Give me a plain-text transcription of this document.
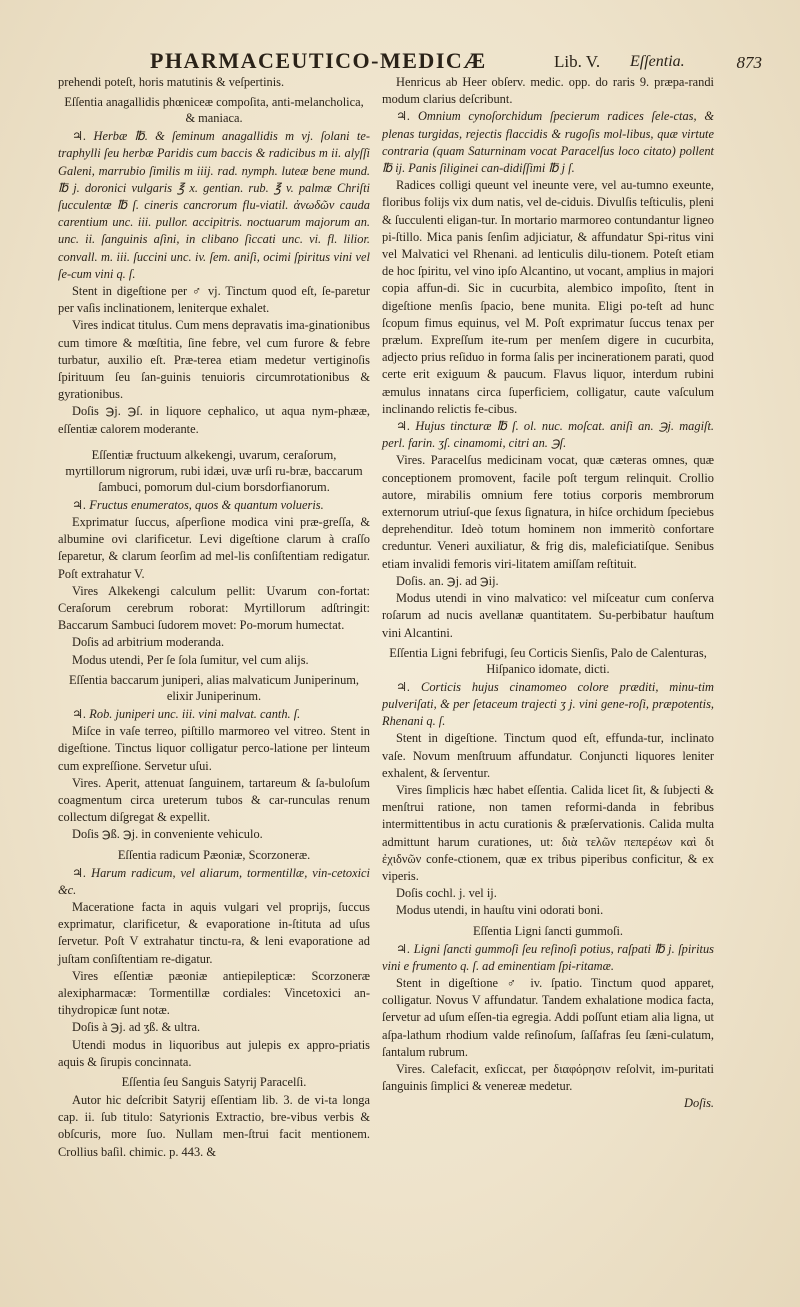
PHARMACEUTICO-MEDICÆ	Lib. V. Eſſentia.	873

prehendi poteſt, horis matutinis & veſpertinis.

Eſſentia anagallidis phœniceæ compoſita, anti-melancholica, & maniaca.

♃. Herbæ ℔. & ſeminum anagallidis m vj. ſolani te-traphylli ſeu herbæ Paridis cum baccis & radicibus m ii. alyſſi Galeni, marrubio ſimilis m iiij. rad. nymph. luteæ bene mund. ℔ j. doronici vulgaris ℥ x. gentian. rub. ℥ v. palmæ Chriſti ſucculentæ ℔ ſ. cineris cancrorum flu-viatil. ἀνωδῶν cauda carentium unc. iii. pullor. accipitris. noctuarum majorum an. unc. ii. ſanguinis aſini, in clibano ſiccati unc. vi. fl. lilior. convall. m. iii. ſuccini unc. iv. ſem. aniſi, ocimi ſpiritus vini vel ſe-cum vini q. ſ.

Stent in digeſtione per ♂ vj. Tinctum quod eſt, ſe-paretur per vaſis inclinationem, leniterque exhalet.

Vires indicat titulus. Cum mens depravatis ima-ginationibus cum timore & mœſtitia, ſine febre, vel cum furore & febre turbatur, auxilio eſt. Præ-terea etiam medetur vertiginoſis ſpirituum ſeu ſan-guinis tenuioris circumrotationibus & gyrationibus.

Doſis ℈j. ℈ſ. in liquore cephalico, ut aqua nym-phææ, eſſentiæ calorem moderante.

Eſſentiæ fructuum alkekengi, uvarum, ceraſorum, myrtillorum nigrorum, rubi idæi, uvæ urſi ru-bræ, baccarum ſambuci, pomorum dul-cium borsdorfianorum.

♃. Fructus enumeratos, quos & quantum volueris.

Exprimatur ſuccus, aſperſione modica vini præ-greſſa, & albumine ovi clarificetur. Levi digeſtione clarum à craſſo ſeparetur, & clarum ſeorſim ad mel-lis conſiſtentiam redigatur. Poſt extrahatur V.

Vires Alkekengi calculum pellit: Uvarum con-fortat: Ceraſorum cerebrum roborat: Myrtillorum adſtringit: Baccarum Sambuci ſudorem movet: Po-morum humectat.

Doſis ad arbitrium moderanda.

Modus utendi, Per ſe ſola ſumitur, vel cum alijs.

Eſſentia baccarum juniperi, alias malvaticum Juniperinum, elixir Juniperinum.

♃. Rob. juniperi unc. iii. vini malvat. canth. ſ.

Miſce in vaſe terreo, piſtillo marmoreo vel vitreo. Stent in digeſtione. Tinctus liquor colligatur perco-latione per linteum cum expreſſione. Servetur uſui.

Vires. Aperit, attenuat ſanguinem, tartareum & ſa-buloſum coagmentum circa ureterum tubos & car-runculas renum collectum diſgregat & expellit.

Doſis ℈ß. ℈j. in conveniente vehiculo.

Eſſentia radicum Pæoniæ, Scorzoneræ.

♃. Harum radicum, vel aliarum, tormentillæ, vin-cetoxici &c.

Maceratione facta in aquis vulgari vel proprijs, ſuccus exprimatur, clarificetur, & evaporatione in-ſtituta ad uſus ſervetur. Poſt V extrahatur tinctu-ra, & leni evaporatione ad juſtam conſiſtentiam re-digatur.

Vires eſſentiæ pæoniæ antiepilepticæ: Scorzoneræ alexipharmacæ: Tormentillæ cordiales: Vincetoxici an-tihydropicæ ſunt notæ.

Doſis à ℈j. ad ʒß. & ultra.

Utendi modus in liquoribus aut julepis ex appro-priatis aquis & ſirupis concinnata.

Eſſentia ſeu Sanguis Satyrij Paracelſi.

Autor hic deſcribit Satyrij eſſentiam lib. 3. de vi-ta longa cap. ii. ſub titulo: Satyrionis Extractio, bre-vibus verbis & obſcuris, more ſuo. Nullam men-ſtrui facit mentionem. Crollius baſil. chimic. p. 443. &

Henricus ab Heer obſerv. medic. opp. do raris 9. præpa-randi modum clarius deſcribunt.

♃. Omnium cynoſorchidum ſpecierum radices ſele-ctas, & plenas turgidas, rejectis flaccidis & rugoſis mol-libus, quæ virtute contraria (quam Saturninam vocat Paracelſus loco citato) pollent ℔ ij. Panis ſiliginei can-didiſſimi ℔ j ſ.

Radices colligi queunt vel ineunte vere, vel au-tumno exeunte, floribus folijs vix dum natis, vel de-ciduis. Divulſis teſticulis, pleni & ſucculenti eligan-tur. In mortario marmoreo contundantur ligneo pi-ſtillo. Mica panis ſenſim adjiciatur, & affundatur Spi-ritus vini vel Malvatici vel Rhenani. ad lenticulis dilu-tionem. Poteſt etiam de hoc ſpiritu, vel vino ipſo Alcantino, ut vocant, amplius in majori copia affun-di. Sic in cucurbita, alembico impoſito, ſtent in digeſtione menſis ſpacio, bene munita. Eligi po-teſt ad hunc ſcopum fimus equinus, vel M. Poſt exprimatur ſuccus tenax per prælum. Expreſſum ite-rum per menſem digere in cucurbita, adjecto prius reſiduo in forma ſalis per incinerationem parati, quod certe erit exiguum & paucum. Flavus liquor, interdum rubini æmulus innatans circa ſuperficiem, colligatur, caute vaſculum inclinando relictis fe-cibus.

♃. Hujus tincturæ ℔ ſ. ol. nuc. moſcat. aniſi an. ℈j. magiſt. perl. farin. ʒſ. cinamomi, citri an. ℈ſ.

Vires. Paracelſus medicinam vocat, quæ cæteras omnes, quæ conceptionem promovent, facile poſt tergum relinquit. Crollio autore, mirabilis omnium fere totius corporis membrorum externorum utriuſ-que ſexus ſignatura, in hiſce orchidum ſpeciebus deprehenditur. Ideò totum hominem non immeritò confortare creduntur. Veneri auxiliatur, & frig dis, maleficiatiſque. Senibus etiam invalidi femoris viri-litatem amiſſam reſtituit.

Doſis. an. ℈j. ad ℈ij.

Modus utendi in vino malvatico: vel miſceatur cum conſerva roſarum ad nucis avellanæ quantitatem. Su-perbibatur hauſtum vini Alcantini.

Eſſentia Ligni febrifugi, ſeu Corticis Sienſis, Palo de Calenturas, Hiſpanico idomate, dicti.

♃. Corticis hujus cinamomeo colore præditi, minu-tim pulveriſati, & per ſetaceum trajecti ʒ j. vini gene-roſi, præpotentis, Rhenani q. ſ.

Stent in digeſtione. Tinctum quod eſt, effunda-tur, inclinato vaſe. Novum menſtruum affundatur. Conjuncti liquores leniter exhalent, & ſerventur.

Vires ſimplicis hæc habet eſſentia. Calida licet ſit, & ſubjecti & menſtrui ratione, non tamen reformi-danda in febribus intermittentibus in actu curationis & præſervationis. Calida multa admittunt harum curationes, ut: διὰ τελῶν πεπερέων καὶ δι ἐχιδνῶν confe-ctionem, quæ ex tribus piperibus conficitur, & ex viperis.

Doſis cochl. j. vel ij.

Modus utendi, in hauſtu vini odorati boni.

Eſſentia Ligni ſancti gummoſi.

♃. Ligni ſancti gummoſi ſeu reſinoſi potius, raſpati ℔ j. ſpiritus vini e frumento q. ſ. ad eminentiam ſpi-ritamæ.

Stent in digeſtione ♂ iv. ſpatio. Tinctum quod apparet, colligatur. Novus V affundatur. Tandem exhalatione modica facta, ſervetur ad uſum eſſen-tia egregia. Addi poſſunt etiam alia ligna, ut aſpa-lathum rhodium valde reſinoſum, ſaſſafras ſeu ſæni-culatum, ſantalum rubrum.

Vires. Calefacit, exſiccat, per διαφόρησιν reſolvit, im-puritati ſanguinis ſimplici & venereæ medetur.

Doſis.
